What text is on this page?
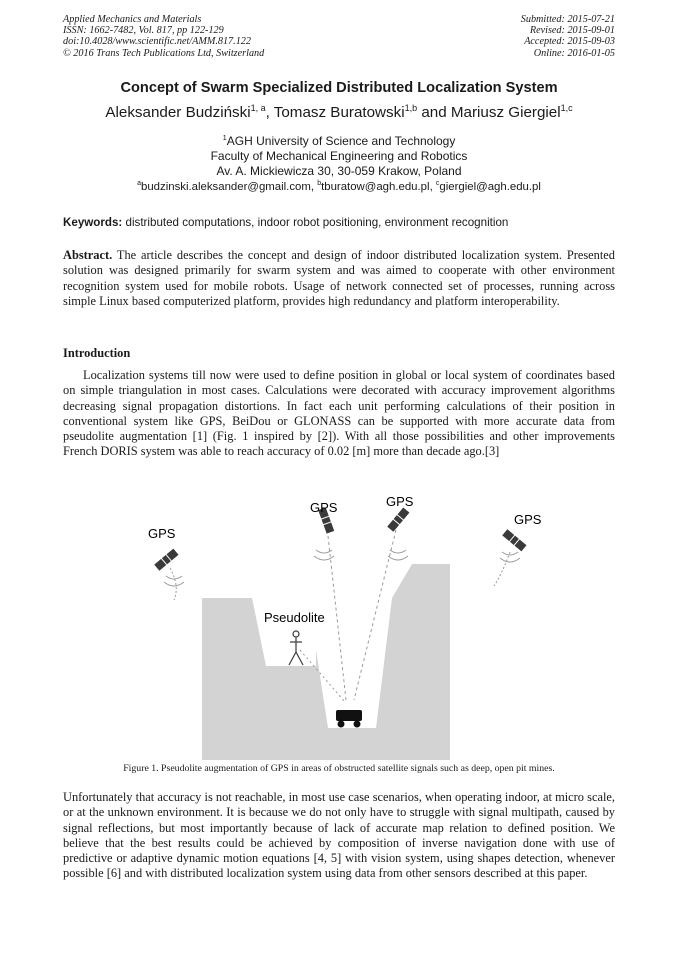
Applied Mechanics and Materials
ISSN: 1662-7482, Vol. 817, pp 122-129
doi:10.4028/www.scientific.net/AMM.817.122
© 2016 Trans Tech Publications Ltd, Switzerland
Submitted: 2015-07-21
Revised: 2015-09-01
Accepted: 2015-09-03
Online: 2016-01-05
Concept of Swarm Specialized Distributed Localization System
Aleksander Budziński$^{1, a}$, Tomasz Buratowski$^{1,b}$ and Mariusz Giergiel$^{1,c}$
$^1$AGH University of Science and Technology
Faculty of Mechanical Engineering and Robotics
Av. A. Mickiewicza 30, 30-059 Krakow, Poland
$^a$budzinski.aleksander@gmail.com, $^b$tburatow@agh.edu.pl, $^c$giergiel@agh.edu.pl
Keywords: distributed computations, indoor robot positioning, environment recognition
Abstract. The article describes the concept and design of indoor distributed localization system. Presented solution was designed primarily for swarm system and was aimed to cooperate with other environment recognition system used for mobile robots. Usage of network connected set of processes, running across simple Linux based computerized platform, provides high redundancy and platform interoperability.
Introduction
Localization systems till now were used to define position in global or local system of coordinates based on simple triangulation in most cases. Calculations were decorated with accuracy improvement algorithms decreasing signal propagation distortions. In fact each unit performing calculations of their position in conventional system like GPS, BeiDou or GLONASS can be supported with more accurate data from pseudolite augmentation [1] (Fig. 1 inspired by [2]). With all those possibilities and other improvements French DORIS system was able to reach accuracy of 0.02 [m] more than decade ago.[3]
GPS
GPS	GPS
GPS
Pseudolite
Figure 1. Pseudolite augmentation of GPS in areas of obstructed satellite signals such as deep, open pit mines.
Unfortunately that accuracy is not reachable, in most use case scenarios, when operating indoor, at micro scale, or at the unknown environment. It is because we do not only have to struggle with signal multipath, caused by signal reflections, but most importantly because of lack of accurate map relation to defined position. We believe that the best results could be achieved by composition of inverse navigation done with use of predictive or adaptive dynamic motion equations [4, 5] with vision system, using shapes detection, whenever possible [6] and with distributed localization system using data from other sensors described at this paper.
